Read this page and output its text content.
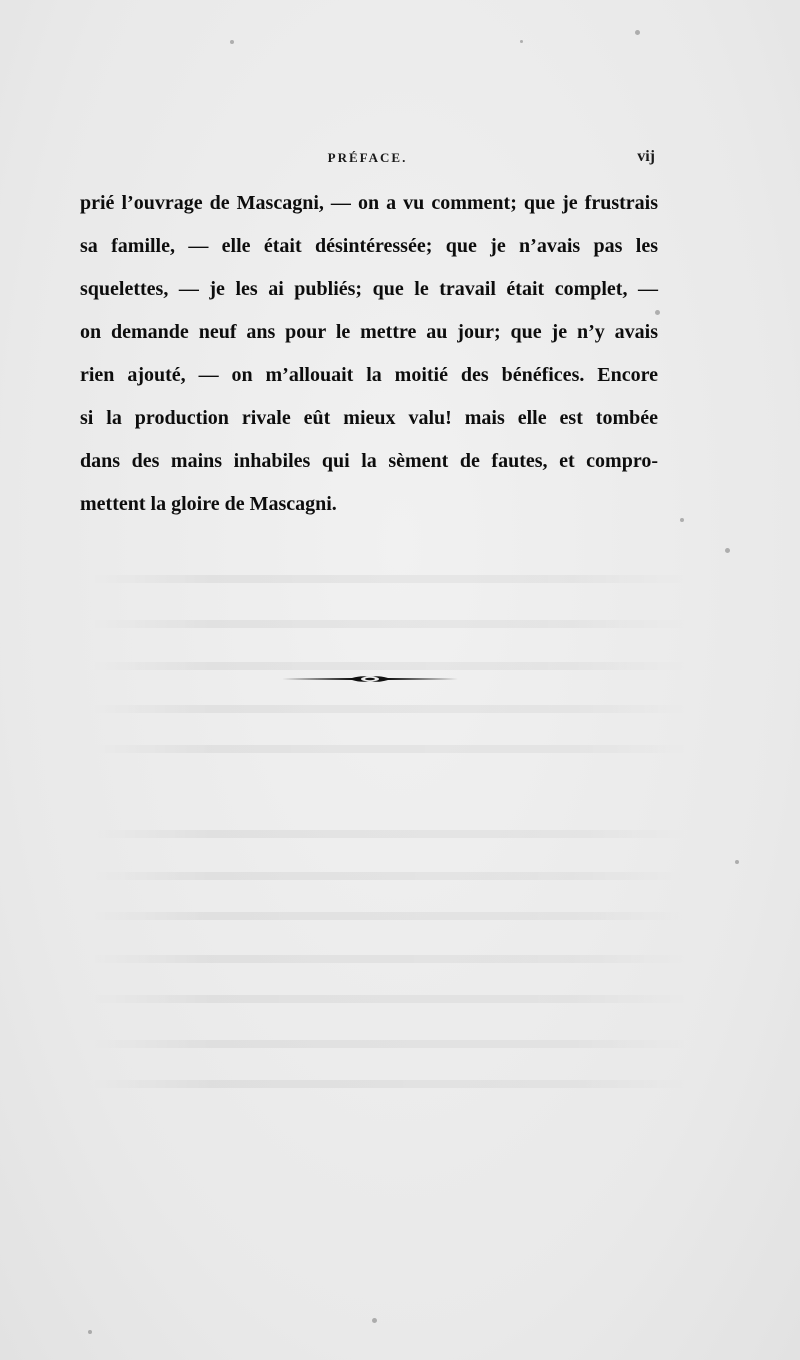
PRÉFACE.	vij
prié l’ouvrage de Mascagni, — on a vu comment; que je frustrais
sa famille, — elle était désintéressée; que je n’avais pas les
squelettes, — je les ai publiés; que le travail était complet, —
on demande neuf ans pour le mettre au jour; que je n’y avais
rien ajouté, — on m’allouait la moitié des bénéfices. Encore
si la production rivale eût mieux valu! mais elle est tombée
dans des mains inhabiles qui la sèment de fautes, et compro-
mettent la gloire de Mascagni.
